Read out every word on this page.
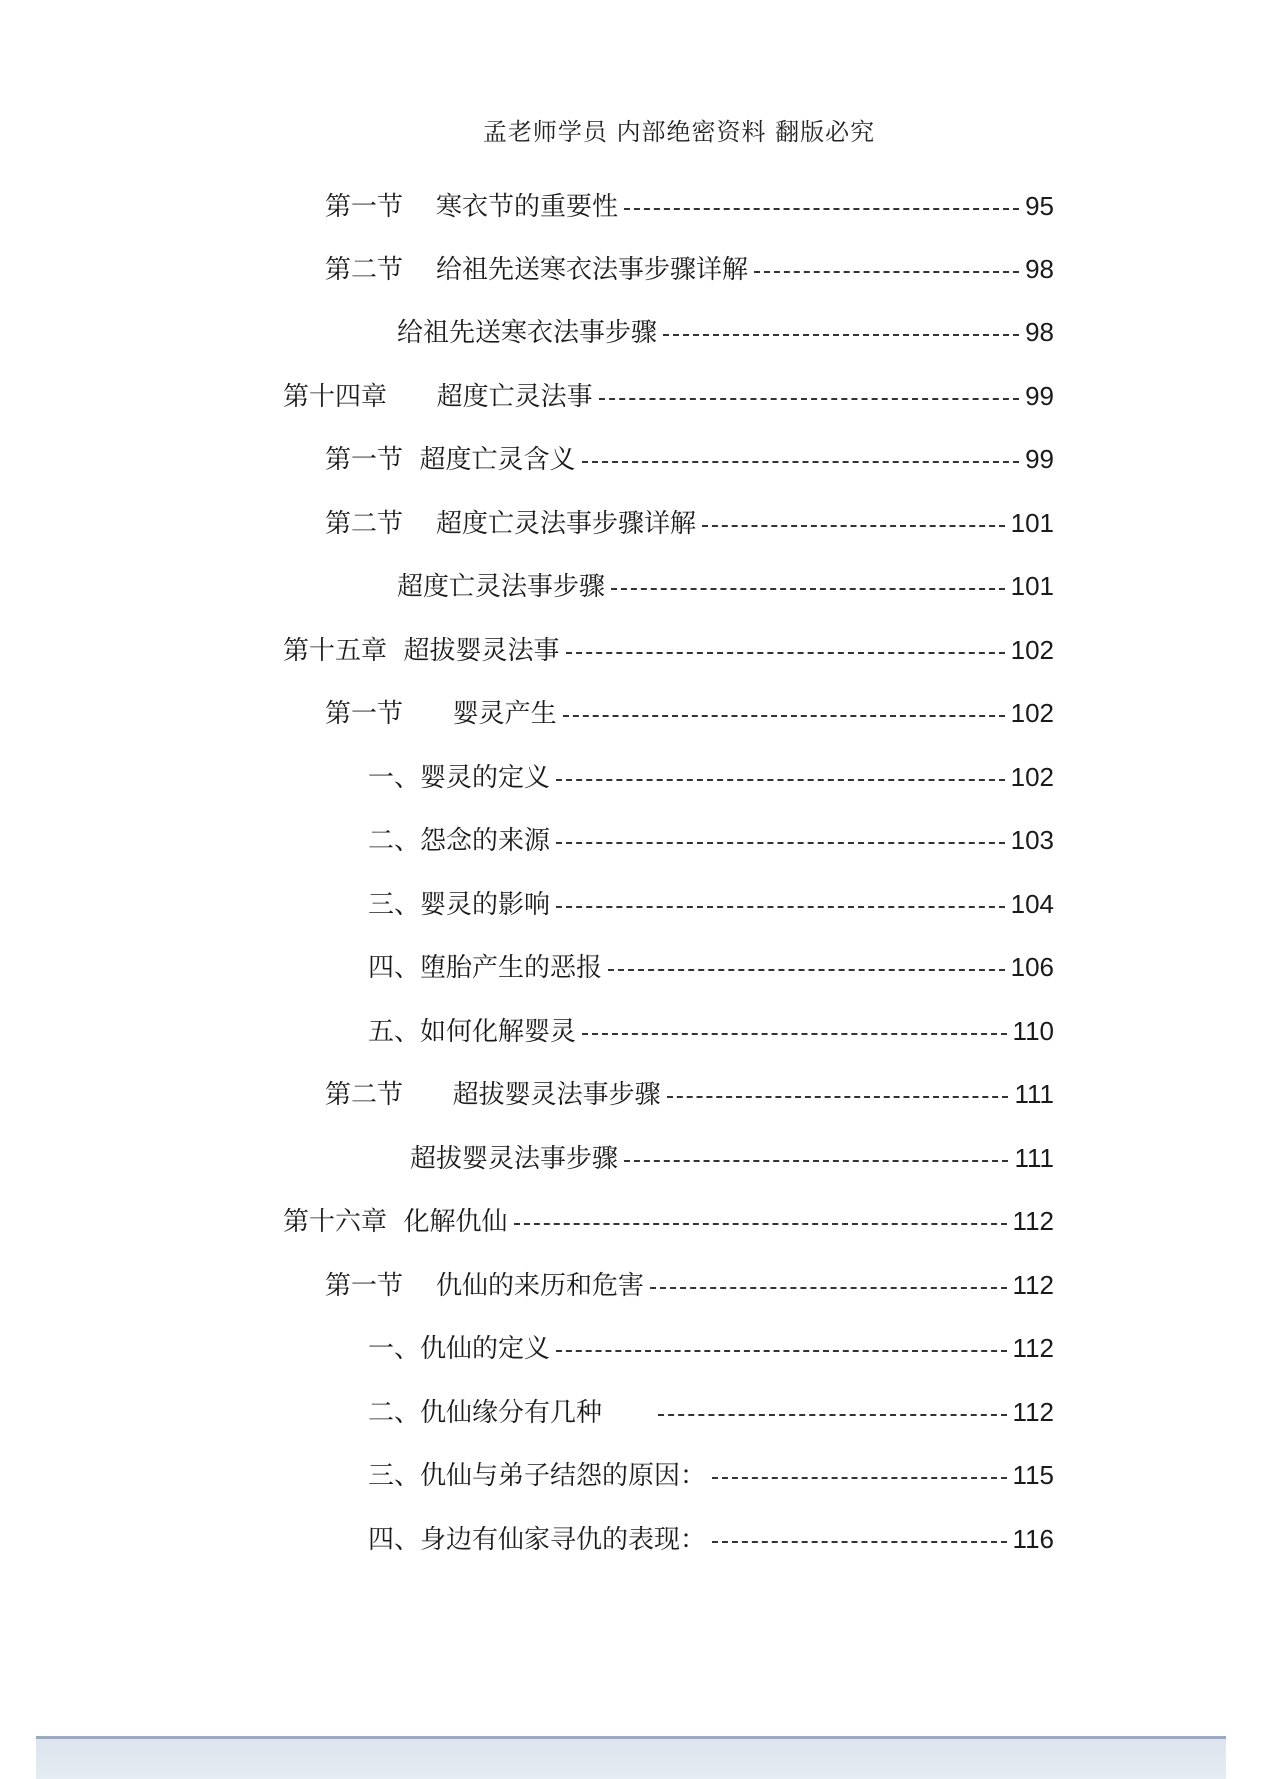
孟老师学员 内部绝密资料 翻版必究
第一节    寒衣节的重要性	95
第二节    给祖先送寒衣法事步骤详解	98
给祖先送寒衣法事步骤	98
第十四章      超度亡灵法事	99
第一节  超度亡灵含义	99
第二节    超度亡灵法事步骤详解	101
超度亡灵法事步骤	101
第十五章  超拔婴灵法事	102
第一节      婴灵产生	102
一、婴灵的定义	102
二、怨念的来源	103
三、婴灵的影响	104
四、堕胎产生的恶报	106
五、如何化解婴灵	110
第二节      超拔婴灵法事步骤	111
超拔婴灵法事步骤	111
第十六章  化解仇仙	112
第一节    仇仙的来历和危害	112
一、仇仙的定义	112
二、仇仙缘分有几种	112
三、仇仙与弟子结怨的原因：	115
四、身边有仙家寻仇的表现：	116
